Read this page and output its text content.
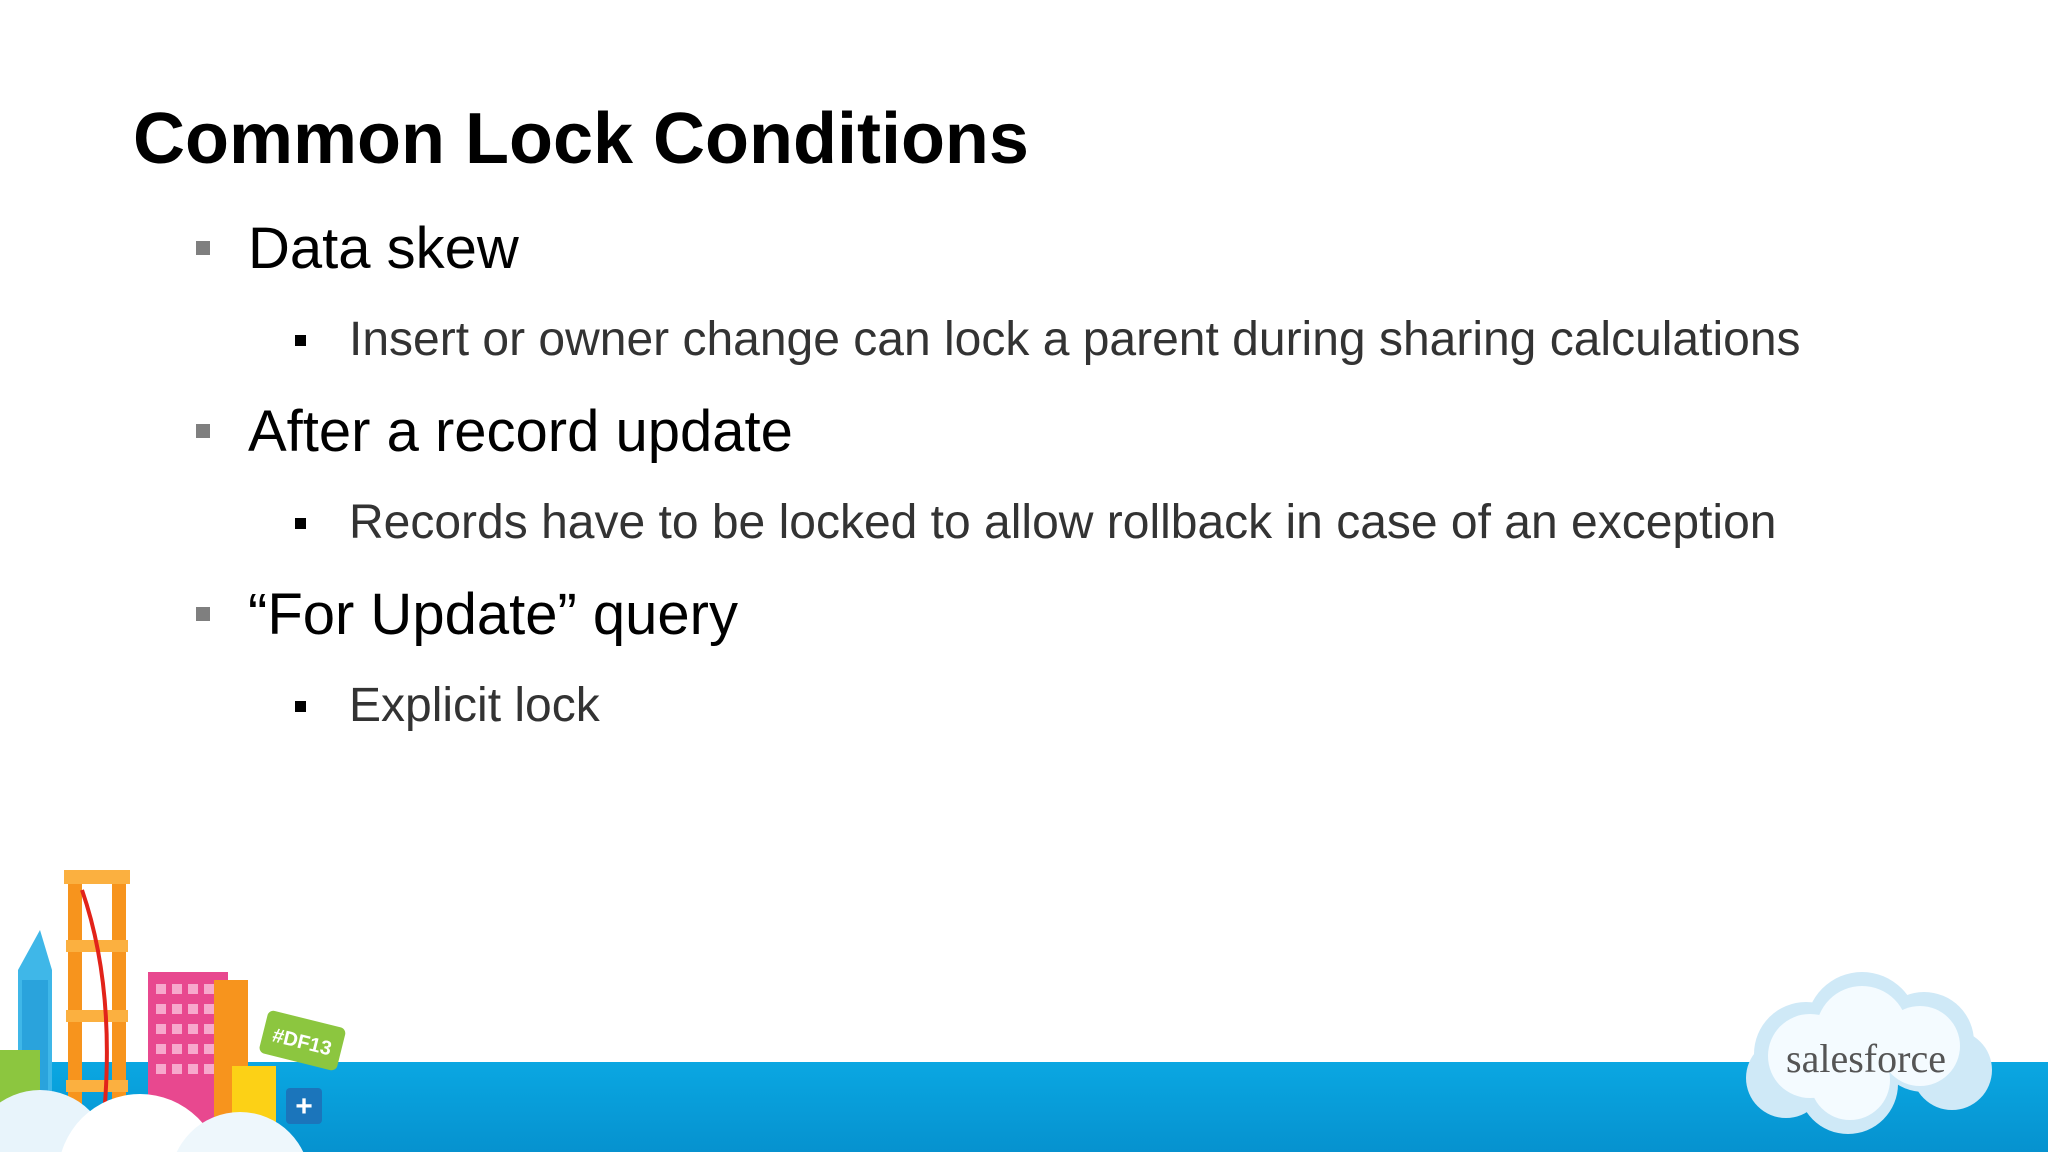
Common Lock Conditions
Data skew
Insert or owner change can lock a parent during sharing calculations
After a record update
Records have to be locked to allow rollback in case of an exception
“For Update” query
Explicit lock
#DF13
+
salesforce
